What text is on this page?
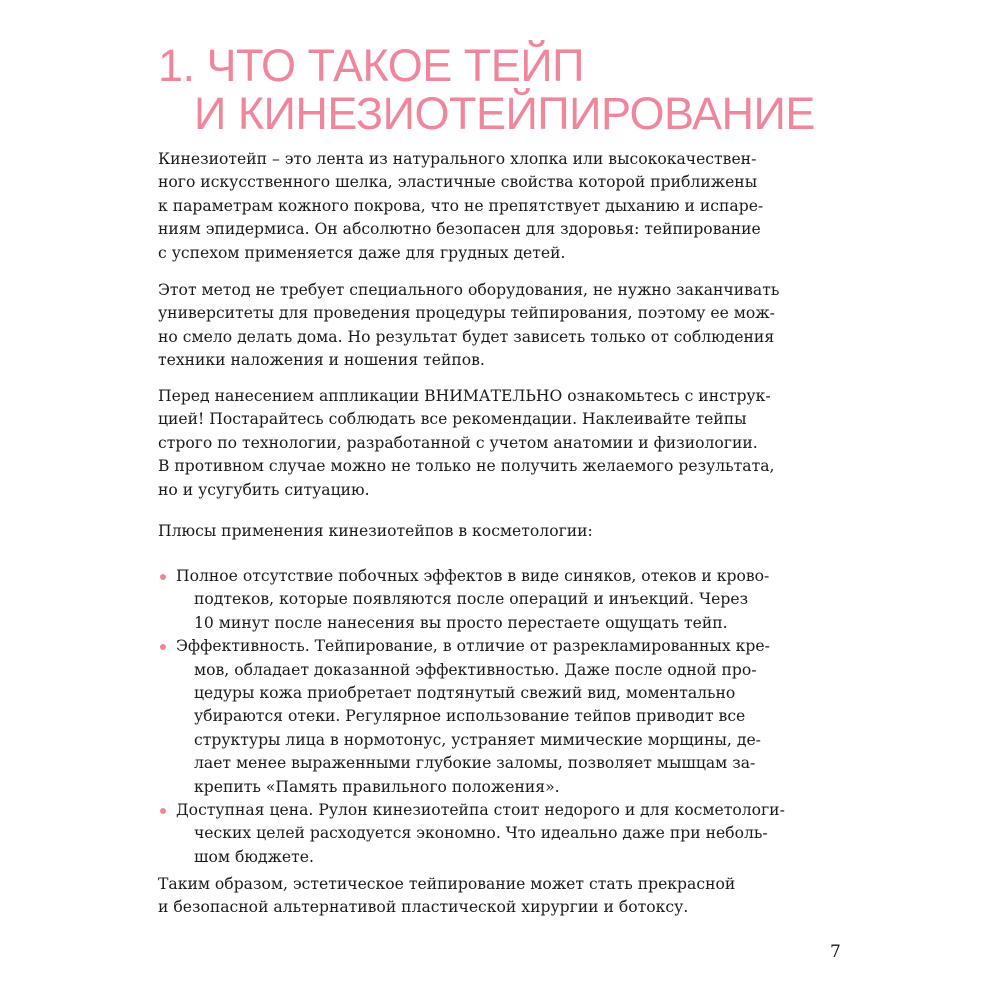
1. ЧТО ТАКОЕ ТЕЙП
И КИНЕЗИОТЕЙПИРОВАНИЕ

Кинезиотейп – это лента из натурального хлопка или высококачествен-
ного искусственного шелка, эластичные свойства которой приближены
к параметрам кожного покрова, что не препятствует дыханию и испаре-
ниям эпидермиса. Он абсолютно безопасен для здоровья: тейпирование
с успехом применяется даже для грудных детей.

Этот метод не требует специального оборудования, не нужно заканчивать
университеты для проведения процедуры тейпирования, поэтому ее мож-
но смело делать дома. Но результат будет зависеть только от соблюдения
техники наложения и ношения тейпов.

Перед нанесением аппликации ВНИМАТЕЛЬНО ознакомьтесь с инструк-
цией! Постарайтесь соблюдать все рекомендации. Наклеивайте тейпы
строго по технологии, разработанной с учетом анатомии и физиологии.
В противном случае можно не только не получить желаемого результата,
но и усугубить ситуацию.

Плюсы применения кинезиотейпов в косметологии:

Полное отсутствие побочных эффектов в виде синяков, отеков и крово-
подтеков, которые появляются после операций и инъекций. Через
10 минут после нанесения вы просто перестаете ощущать тейп.
Эффективность. Тейпирование, в отличие от разрекламированных кре-
мов, обладает доказанной эффективностью. Даже после одной про-
цедуры кожа приобретает подтянутый свежий вид, моментально
убираются отеки. Регулярное использование тейпов приводит все
структуры лица в нормотонус, устраняет мимические морщины, де-
лает менее выраженными глубокие заломы, позволяет мышцам за-
крепить «Память правильного положения».
Доступная цена. Рулон кинезиотейпа стоит недорого и для косметологи-
ческих целей расходуется экономно. Что идеально даже при неболь-
шом бюджете.

Таким образом, эстетическое тейпирование может стать прекрасной
и безопасной альтернативой пластической хирургии и ботоксу.

7
